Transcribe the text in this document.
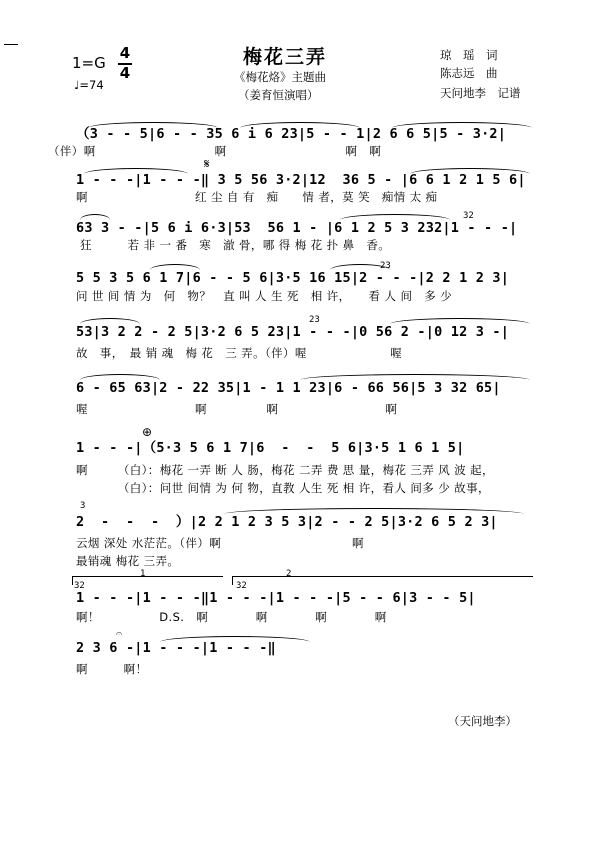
梅花三弄
《梅花烙》主题曲
（姜育恒演唱）
1=G
4
4
♩=74
琼　瑶　词
陈志远　曲
天问地李　记谱
（3 - - 5|6 - - 35 6 i 6 23|5 - - 1|2 6 6 5|5 - 3·2|
（伴）啊　　　　　　　　　　啊　　　　　　　　　　啊　啊
𝄋
1 - - -|1 - - -‖ 3 5 56 3·2|12  36 5 - |6 6 1 2 1 5 6|
啊　　　　　　　　　红 尘 自 有　痴　　情 者，莫 笑　痴情 太 痴
32
63 3 - -|5 6 i 6·3|53  56 1 - |6 1 2 5 3 232|1 - - -|
狂　　　若 非 一 番　寒　澈 骨，哪 得 梅 花 扑 鼻　香。
23
5 5 3 5 6 1 7|6 - - 5 6|3·5 16 15|2 - - -|2 2 1 2 3|
问 世 间 情 为　何　物？　直 叫 人 生 死　相 许，　　看 人 间　多 少
23
53|3 2 2 - 2 5|3·2 6 5 23|1 - - -|0 56 2 -|0 12 3 -|
故　事，　最 销 魂　梅 花　三 弄。（伴）喔　　　　　　　喔
6 - 65 63|2 - 22 35|1 - 1 1 23|6 - 66 56|5 3 32 65|
喔　　　　　　　　　啊　　　　　啊　　　　　　　　　啊
⊕
1 - - -|（5·3 5 6 1 7|6  -  -  5 6|3·5 1 6 1 5|
啊　　　（白）：梅花 一弄 断 人 肠，梅花 二弄 费 思 量，梅花 三弄 风 波 起，
　　　　（白）：问世 间情 为 何 物，直教 人生 死 相 许，看人 间多 少 故事，
3
2  -  -  -  ）|2 2 1 2 3 5 3|2 - - 2 5|3·2 6 5 2 3|
云烟 深处 水茫茫。（伴）啊　　　　　　　　　　　啊
最销魂 梅花 三弄。
1	2
32	32
1 - - -|1 - - -‖1 - - -|1 - - -|5 - - 6|3 - - 5|
啊！　　　　　D.S.　啊　　　　啊　　　　啊　　　　啊
𝄐
2 3 6 -|1 - - -|1 - - -‖
啊　　　啊！
（天问地李）
